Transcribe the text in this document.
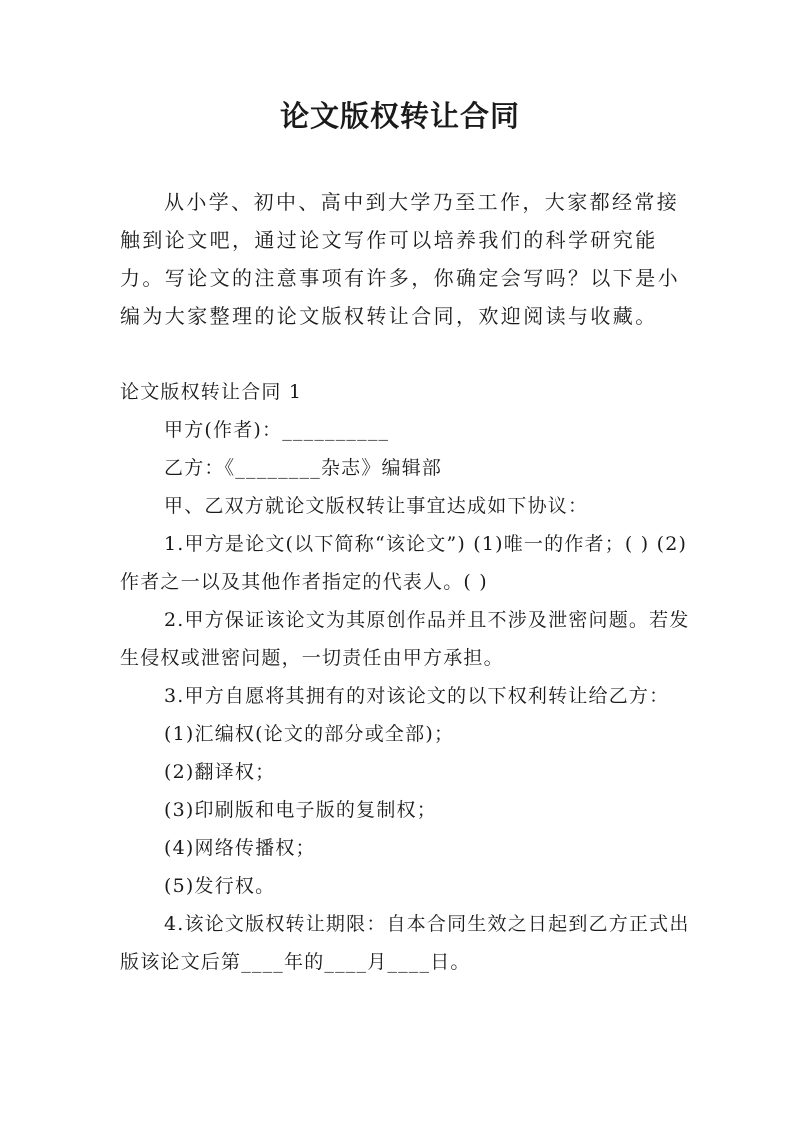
论文版权转让合同

从小学、初中、高中到大学乃至工作，大家都经常接触到论文吧，通过论文写作可以培养我们的科学研究能力。写论文的注意事项有许多，你确定会写吗？以下是小编为大家整理的论文版权转让合同，欢迎阅读与收藏。

论文版权转让合同 1

甲方(作者)：__________

乙方：《________杂志》编辑部

甲、乙双方就论文版权转让事宜达成如下协议：

1.甲方是论文(以下简称“该论文”) (1)唯一的作者；( ) (2)作者之一以及其他作者指定的代表人。( )

2.甲方保证该论文为其原创作品并且不涉及泄密问题。若发生侵权或泄密问题，一切责任由甲方承担。

3.甲方自愿将其拥有的对该论文的以下权利转让给乙方：

(1)汇编权(论文的部分或全部)；

(2)翻译权；

(3)印刷版和电子版的复制权；

(4)网络传播权；

(5)发行权。

4.该论文版权转让期限：自本合同生效之日起到乙方正式出版该论文后第____年的____月____日。
